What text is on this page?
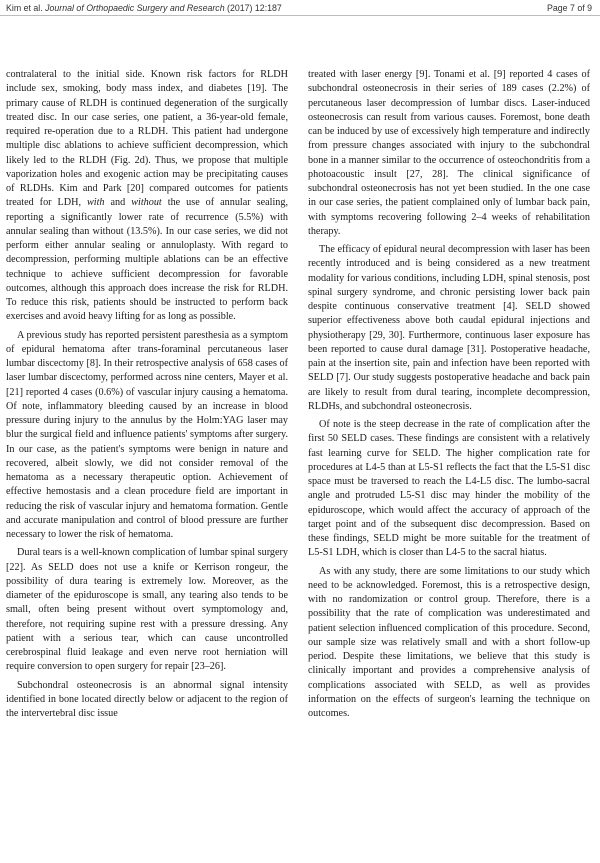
Kim et al. Journal of Orthopaedic Surgery and Research (2017) 12:187	Page 7 of 9

contralateral to the initial side. Known risk factors for RLDH include sex, smoking, body mass index, and diabetes [19]. The primary cause of RLDH is continued degeneration of the surgically treated disc. In our case series, one patient, a 36-year-old female, required re-operation due to a RLDH. This patient had undergone multiple disc ablations to achieve sufficient decompression, which likely led to the RLDH (Fig. 2d). Thus, we propose that multiple vaporization holes and exogenic action may be precipitating causes of RLDHs. Kim and Park [20] compared outcomes for patients treated for LDH, with and without the use of annular sealing, reporting a significantly lower rate of recurrence (5.5%) with annular sealing than without (13.5%). In our case series, we did not perform either annular sealing or annuloplasty. With regard to decompression, performing multiple ablations can be an effective technique to achieve sufficient decompression for favorable outcomes, although this approach does increase the risk for RLDH. To reduce this risk, patients should be instructed to perform back exercises and avoid heavy lifting for as long as possible.

A previous study has reported persistent paresthesia as a symptom of epidural hematoma after trans-foraminal percutaneous laser lumbar discectomy [8]. In their retrospective analysis of 658 cases of laser lumbar discectomy, performed across nine centers, Mayer et al. [21] reported 4 cases (0.6%) of vascular injury causing a hematoma. Of note, inflammatory bleeding caused by an increase in blood pressure during injury to the annulus by the Holm:YAG laser may blur the surgical field and influence patients' symptoms after surgery. In our case, as the patient's symptoms were benign in nature and recovered, albeit slowly, we did not consider removal of the hematoma as a necessary therapeutic option. Achievement of effective hemostasis and a clean procedure field are important in reducing the risk of vascular injury and hematoma formation. Gentle and accurate manipulation and control of blood pressure are further necessary to lower the risk of hematoma.

Dural tears is a well-known complication of lumbar spinal surgery [22]. As SELD does not use a knife or Kerrison rongeur, the possibility of dura tearing is extremely low. Moreover, as the diameter of the epiduroscope is small, any tearing also tends to be small, often being present without overt symptomology and, therefore, not requiring supine rest with a pressure dressing. Any patient with a serious tear, which can cause uncontrolled cerebrospinal fluid leakage and even nerve root herniation will require conversion to open surgery for repair [23–26].

Subchondral osteonecrosis is an abnormal signal intensity identified in bone located directly below or adjacent to the region of the intervertebral disc issue

treated with laser energy [9]. Tonami et al. [9] reported 4 cases of subchondral osteonecrosis in their series of 189 cases (2.2%) of percutaneous laser decompression of lumbar discs. Laser-induced osteonecrosis can result from various causes. Foremost, bone death can be induced by use of excessively high temperature and indirectly from pressure changes associated with injury to the subchondral bone in a manner similar to the occurrence of osteochondritis from a photoacoustic insult [27, 28]. The clinical significance of subchondral osteonecrosis has not yet been studied. In the one case in our case series, the patient complained only of lumbar back pain, with symptoms recovering following 2–4 weeks of rehabilitation therapy.

The efficacy of epidural neural decompression with laser has been recently introduced and is being considered as a new treatment modality for various conditions, including LDH, spinal stenosis, post spinal surgery syndrome, and chronic persisting lower back pain despite continuous conservative treatment [4]. SELD showed superior effectiveness above both caudal epidural injections and physiotherapy [29, 30]. Furthermore, continuous laser exposure has been reported to cause dural damage [31]. Postoperative headache, pain at the insertion site, pain and infection have been reported with SELD [7]. Our study suggests postoperative headache and back pain are likely to result from dural tearing, incomplete decompression, RLDHs, and subchondral osteonecrosis.

Of note is the steep decrease in the rate of complication after the first 50 SELD cases. These findings are consistent with a relatively fast learning curve for SELD. The higher complication rate for procedures at L4-5 than at L5-S1 reflects the fact that the L5-S1 disc space must be traversed to reach the L4-L5 disc. The lumbo-sacral angle and protruded L5-S1 disc may hinder the mobility of the epiduroscope, which would affect the accuracy of approach of the target point and of the subsequent disc decompression. Based on these findings, SELD might be more suitable for the treatment of L5-S1 LDH, which is closer than L4-5 to the sacral hiatus.

As with any study, there are some limitations to our study which need to be acknowledged. Foremost, this is a retrospective design, with no randomization or control group. Therefore, there is a possibility that the rate of complication was underestimated and patient selection influenced complication of this procedure. Second, our sample size was relatively small and with a short follow-up period. Despite these limitations, we believe that this study is clinically important and provides a comprehensive analysis of complications associated with SELD, as well as provides information on the effects of surgeon's learning the technique on outcomes.
